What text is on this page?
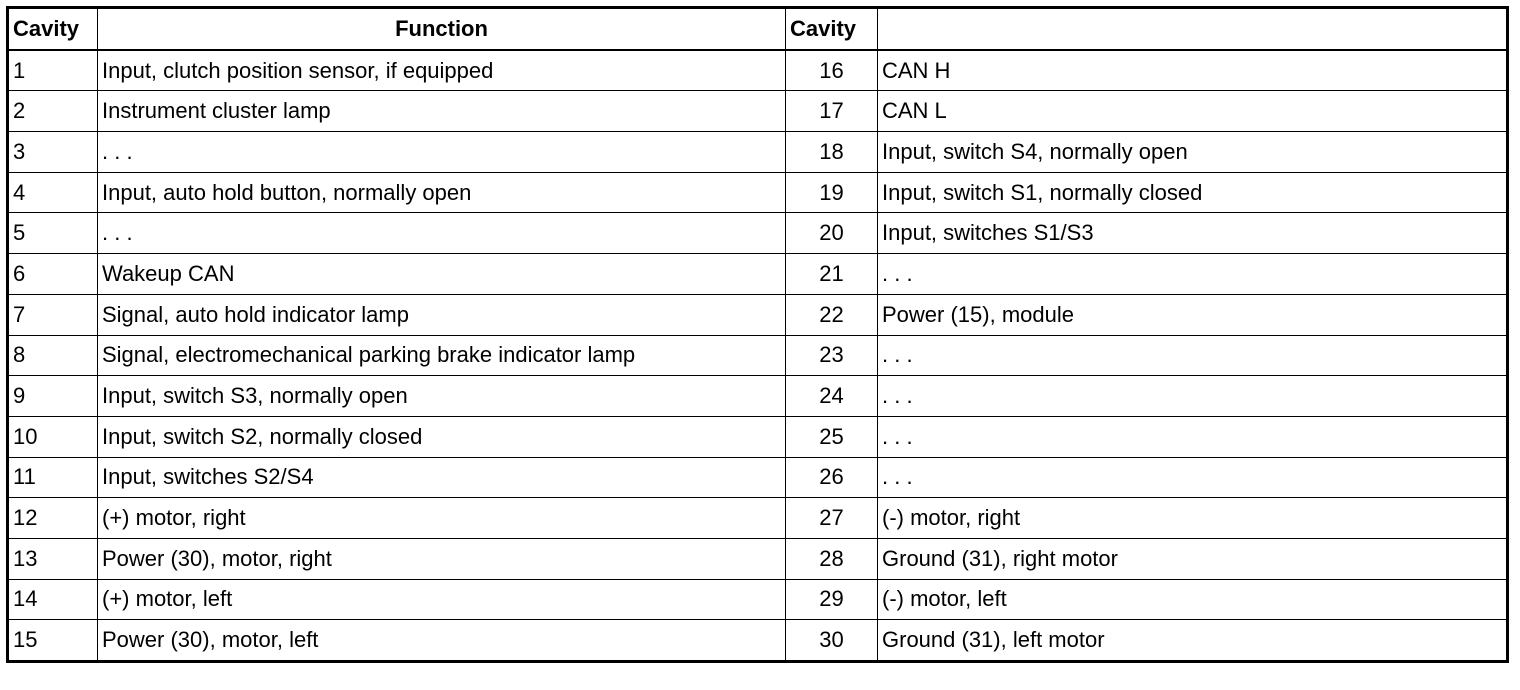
Cavity	Function	Cavity	
1	Input, clutch position sensor, if equipped	16	CAN H
2	Instrument cluster lamp	17	CAN L
3	. . .	18	Input, switch S4, normally open
4	Input, auto hold button, normally open	19	Input, switch S1, normally closed
5	. . .	20	Input, switches S1/S3
6	Wakeup CAN	21	. . .
7	Signal, auto hold indicator lamp	22	Power (15), module
8	Signal, electromechanical parking brake indicator lamp	23	. . .
9	Input, switch S3, normally open	24	. . .
10	Input, switch S2, normally closed	25	. . .
11	Input, switches S2/S4	26	. . .
12	(+) motor, right	27	(-) motor, right
13	Power (30), motor, right	28	Ground (31), right motor
14	(+) motor, left	29	(-) motor, left
15	Power (30), motor, left	30	Ground (31), left motor
